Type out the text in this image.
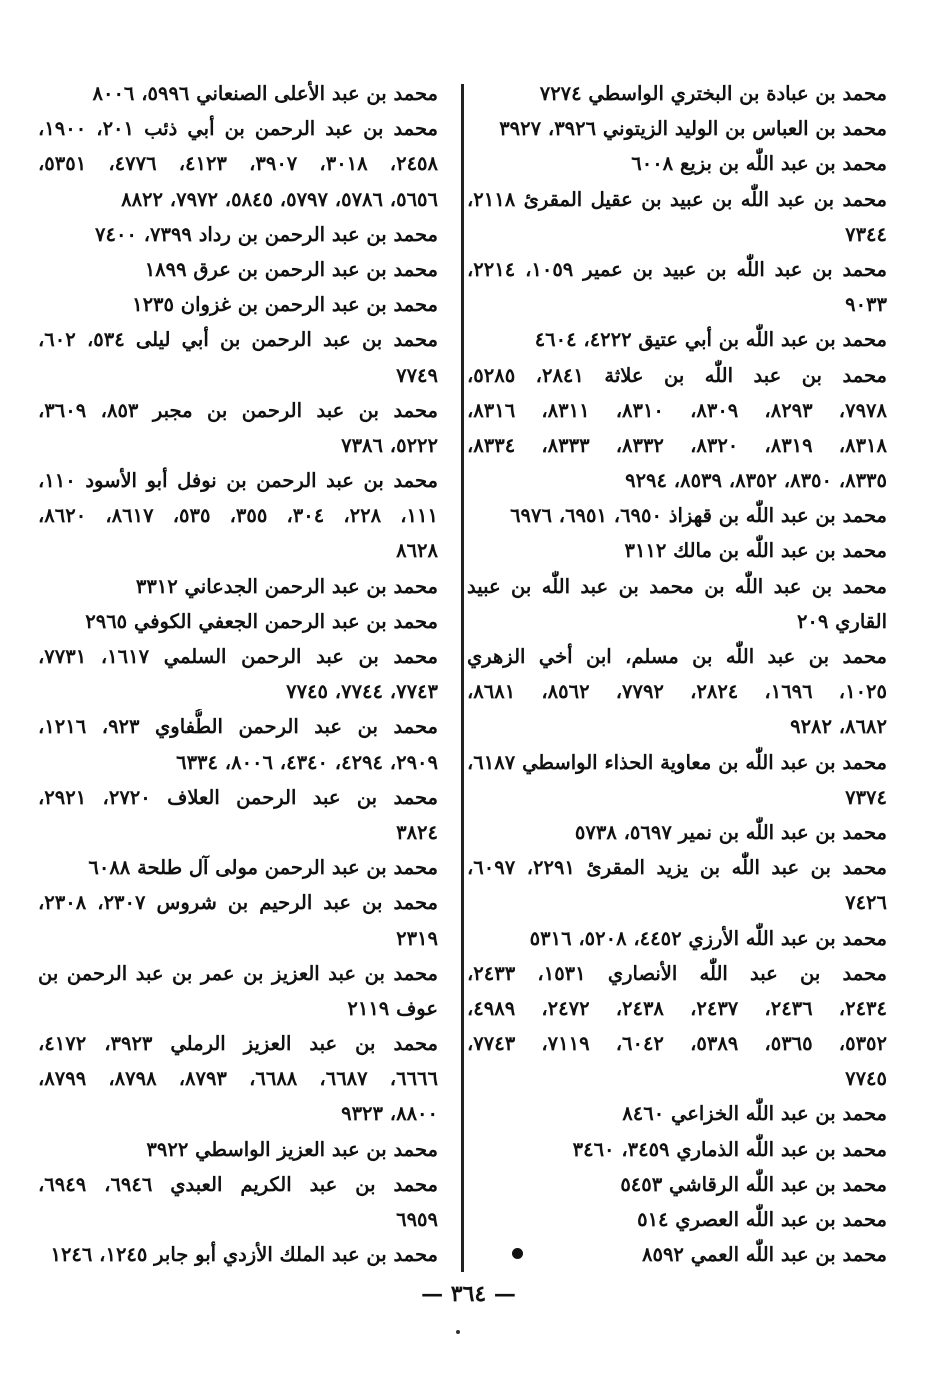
محمد بن عبادة بن البختري الواسطي ٧٢٧٤
محمد بن العباس بن الوليد الزيتوني ٣٩٢٦، ٣٩٢٧
محمد بن عبد اللّٰه بن بزيع ٦٠٠٨
محمد بن عبد اللّٰه بن عبيد بن عقيل المقرئ ٢١١٨،
٧٣٤٤
محمد بن عبد اللّٰه بن عبيد بن عمير ١٠٥٩، ٢٢١٤،
٩٠٣٣
محمد بن عبد اللّٰه بن أبي عتيق ٤٢٢٢، ٤٦٠٤
محمد بن عبد اللّٰه بن علاثة ٢٨٤١، ٥٢٨٥،
٧٩٧٨، ٨٢٩٣، ٨٣٠٩، ٨٣١٠، ٨٣١١، ٨٣١٦،
٨٣١٨، ٨٣١٩، ٨٣٢٠، ٨٣٣٢، ٨٣٣٣، ٨٣٣٤،
٨٣٣٥، ٨٣٥٠، ٨٣٥٢، ٨٥٣٩، ٩٢٩٤
محمد بن عبد اللّٰه بن قهزاذ ٦٩٥٠، ٦٩٥١، ٦٩٧٦
محمد بن عبد اللّٰه بن مالك ٣١١٢
محمد بن عبد اللّٰه بن محمد بن عبد اللّٰه بن عبيد
القاري ٢٠٩
محمد بن عبد اللّٰه بن مسلم، ابن أخي الزهري
١٠٢٥، ١٦٩٦، ٢٨٢٤، ٧٧٩٢، ٨٥٦٢، ٨٦٨١،
٨٦٨٢، ٩٢٨٢
محمد بن عبد اللّٰه بن معاوية الحذاء الواسطي ٦١٨٧،
٧٣٧٤
محمد بن عبد اللّٰه بن نمير ٥٦٩٧، ٥٧٣٨
محمد بن عبد اللّٰه بن يزيد المقرئ ٢٢٩١، ٦٠٩٧،
٧٤٢٦
محمد بن عبد اللّٰه الأرزي ٤٤٥٢، ٥٢٠٨، ٥٣١٦
محمد بن عبد اللّٰه الأنصاري ١٥٣١، ٢٤٣٣،
٢٤٣٤، ٢٤٣٦، ٢٤٣٧، ٢٤٣٨، ٢٤٧٢، ٤٩٨٩،
٥٣٥٢، ٥٣٦٥، ٥٣٨٩، ٦٠٤٢، ٧١١٩، ٧٧٤٣،
٧٧٤٥
محمد بن عبد اللّٰه الخزاعي ٨٤٦٠
محمد بن عبد اللّٰه الذماري ٣٤٥٩، ٣٤٦٠
محمد بن عبد اللّٰه الرقاشي ٥٤٥٣
محمد بن عبد اللّٰه العصري ٥١٤
محمد بن عبد اللّٰه العمي ٨٥٩٢
محمد بن عبد الأعلى الصنعاني ٥٩٩٦، ٨٠٠٦
محمد بن عبد الرحمن بن أبي ذئب ٢٠١، ١٩٠٠،
٢٤٥٨، ٣٠١٨، ٣٩٠٧، ٤١٢٣، ٤٧٧٦، ٥٣٥١،
٥٦٥٦، ٥٧٨٦، ٥٧٩٧، ٥٨٤٥، ٧٩٧٢، ٨٨٢٢
محمد بن عبد الرحمن بن رداد ٧٣٩٩، ٧٤٠٠
محمد بن عبد الرحمن بن عرق ١٨٩٩
محمد بن عبد الرحمن بن غزوان ١٢٣٥
محمد بن عبد الرحمن بن أبي ليلى ٥٣٤، ٦٠٢،
٧٧٤٩
محمد بن عبد الرحمن بن مجبر ٨٥٣، ٣٦٠٩،
٥٢٢٢، ٧٣٨٦
محمد بن عبد الرحمن بن نوفل أبو الأسود ١١٠،
١١١، ٢٢٨، ٣٠٤، ٣٥٥، ٥٣٥، ٨٦١٧، ٨٦٢٠،
٨٦٢٨
محمد بن عبد الرحمن الجدعاني ٣٣١٢
محمد بن عبد الرحمن الجعفي الكوفي ٢٩٦٥
محمد بن عبد الرحمن السلمي ١٦١٧، ٧٧٣١،
٧٧٤٣، ٧٧٤٤، ٧٧٤٥
محمد بن عبد الرحمن الطُّفاوي ٩٢٣، ١٢١٦،
٢٩٠٩، ٤٢٩٤، ٤٣٤٠، ٨٠٠٦، ٦٣٣٤
محمد بن عبد الرحمن العلاف ٢٧٢٠، ٢٩٢١،
٣٨٢٤
محمد بن عبد الرحمن مولى آل طلحة ٦٠٨٨
محمد بن عبد الرحيم بن شروس ٢٣٠٧، ٢٣٠٨،
٢٣١٩
محمد بن عبد العزيز بن عمر بن عبد الرحمن بن
عوف ٢١١٩
محمد بن عبد العزيز الرملي ٣٩٢٣، ٤١٧٢،
٦٦٦٦، ٦٦٨٧، ٦٦٨٨، ٨٧٩٣، ٨٧٩٨، ٨٧٩٩،
٨٨٠٠، ٩٣٢٣
محمد بن عبد العزيز الواسطي ٣٩٢٢
محمد بن عبد الكريم العبدي ٦٩٤٦، ٦٩٤٩،
٦٩٥٩
محمد بن عبد الملك الأزدي أبو جابر ١٢٤٥، ١٢٤٦
— ٣٦٤ —
